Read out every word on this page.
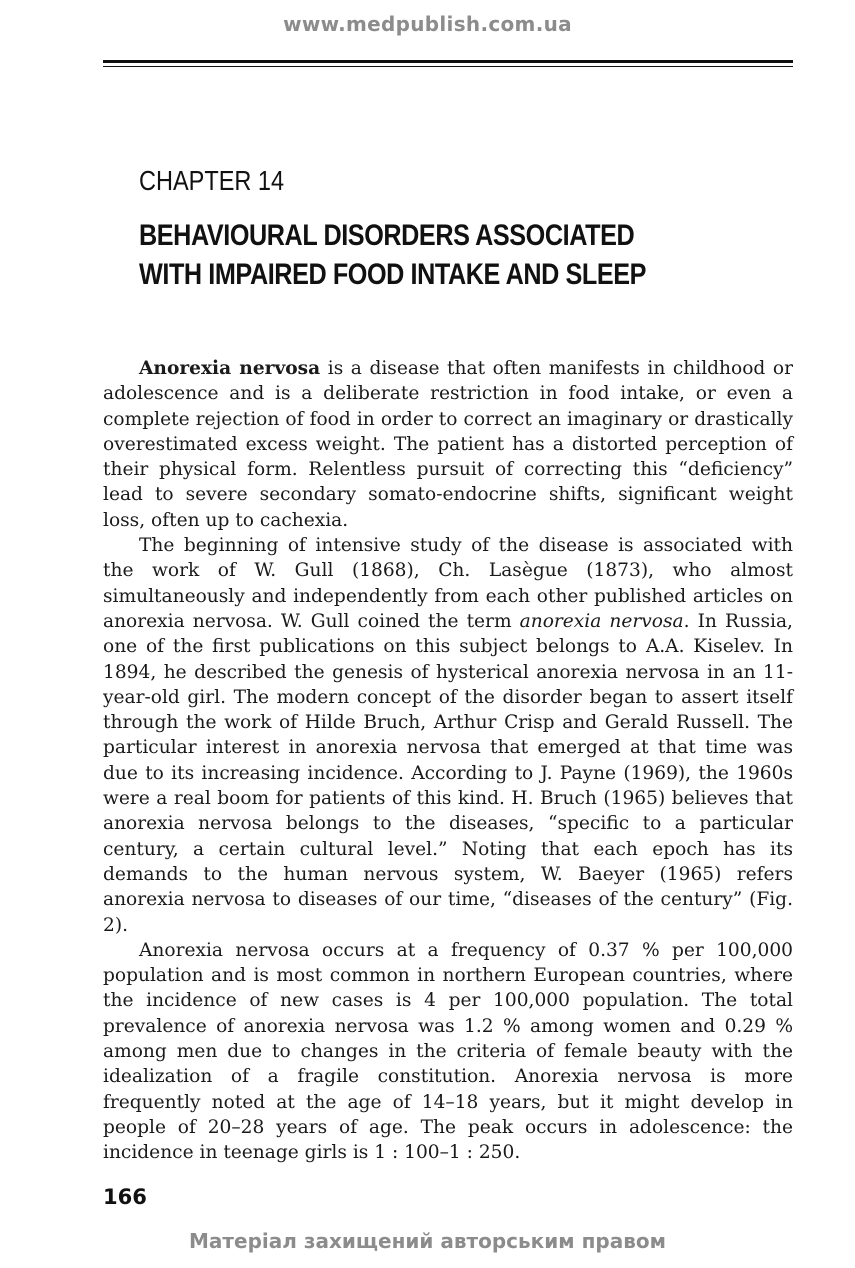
www.medpublish.com.ua
CHAPTER 14
BEHAVIOURAL DISORDERS ASSOCIATED
WITH IMPAIRED FOOD INTAKE AND SLEEP

Anorexia nervosa is a disease that often manifests in childhood or adolescence and is a deliberate restriction in food intake, or even a complete rejection of food in order to correct an imaginary or drastically overestimated excess weight. The patient has a distorted perception of their physical form. Relentless pursuit of correcting this “deficiency” lead to severe secondary somato-endocrine shifts, significant weight loss, often up to cachexia.

The beginning of intensive study of the disease is associated with the work of W. Gull (1868), Ch. Lasègue (1873), who almost simultaneously and independently from each other published articles on anorexia nervosa. W. Gull coined the term anorexia nervosa. In Russia, one of the first publications on this subject belongs to A.A. Kiselev. In 1894, he described the genesis of hysterical anorexia nervosa in an 11-year-old girl. The modern concept of the disorder began to assert itself through the work of Hilde Bruch, Arthur Crisp and Gerald Russell. The particular interest in anorexia nervosa that emerged at that time was due to its increasing incidence. According to J. Payne (1969), the 1960s were a real boom for patients of this kind. H. Bruch (1965) believes that anorexia nervosa belongs to the diseases, “specific to a particular century, a certain cultural level.” Noting that each epoch has its demands to the human nervous system, W. Baeyer (1965) refers anorexia nervosa to diseases of our time, “diseases of the century” (Fig. 2).

Anorexia nervosa occurs at a frequency of 0.37 % per 100,000 population and is most common in northern European countries, where the incidence of new cases is 4 per 100,000 population. The total prevalence of anorexia nervosa was 1.2 % among women and 0.29 % among men due to changes in the criteria of female beauty with the idealization of a fragile constitution. Anorexia nervosa is more frequently noted at the age of 14–18 years, but it might develop in people of 20–28 years of age. The peak occurs in adolescence: the incidence in teenage girls is 1 : 100–1 : 250.

166
Матеріал захищений авторським правом
